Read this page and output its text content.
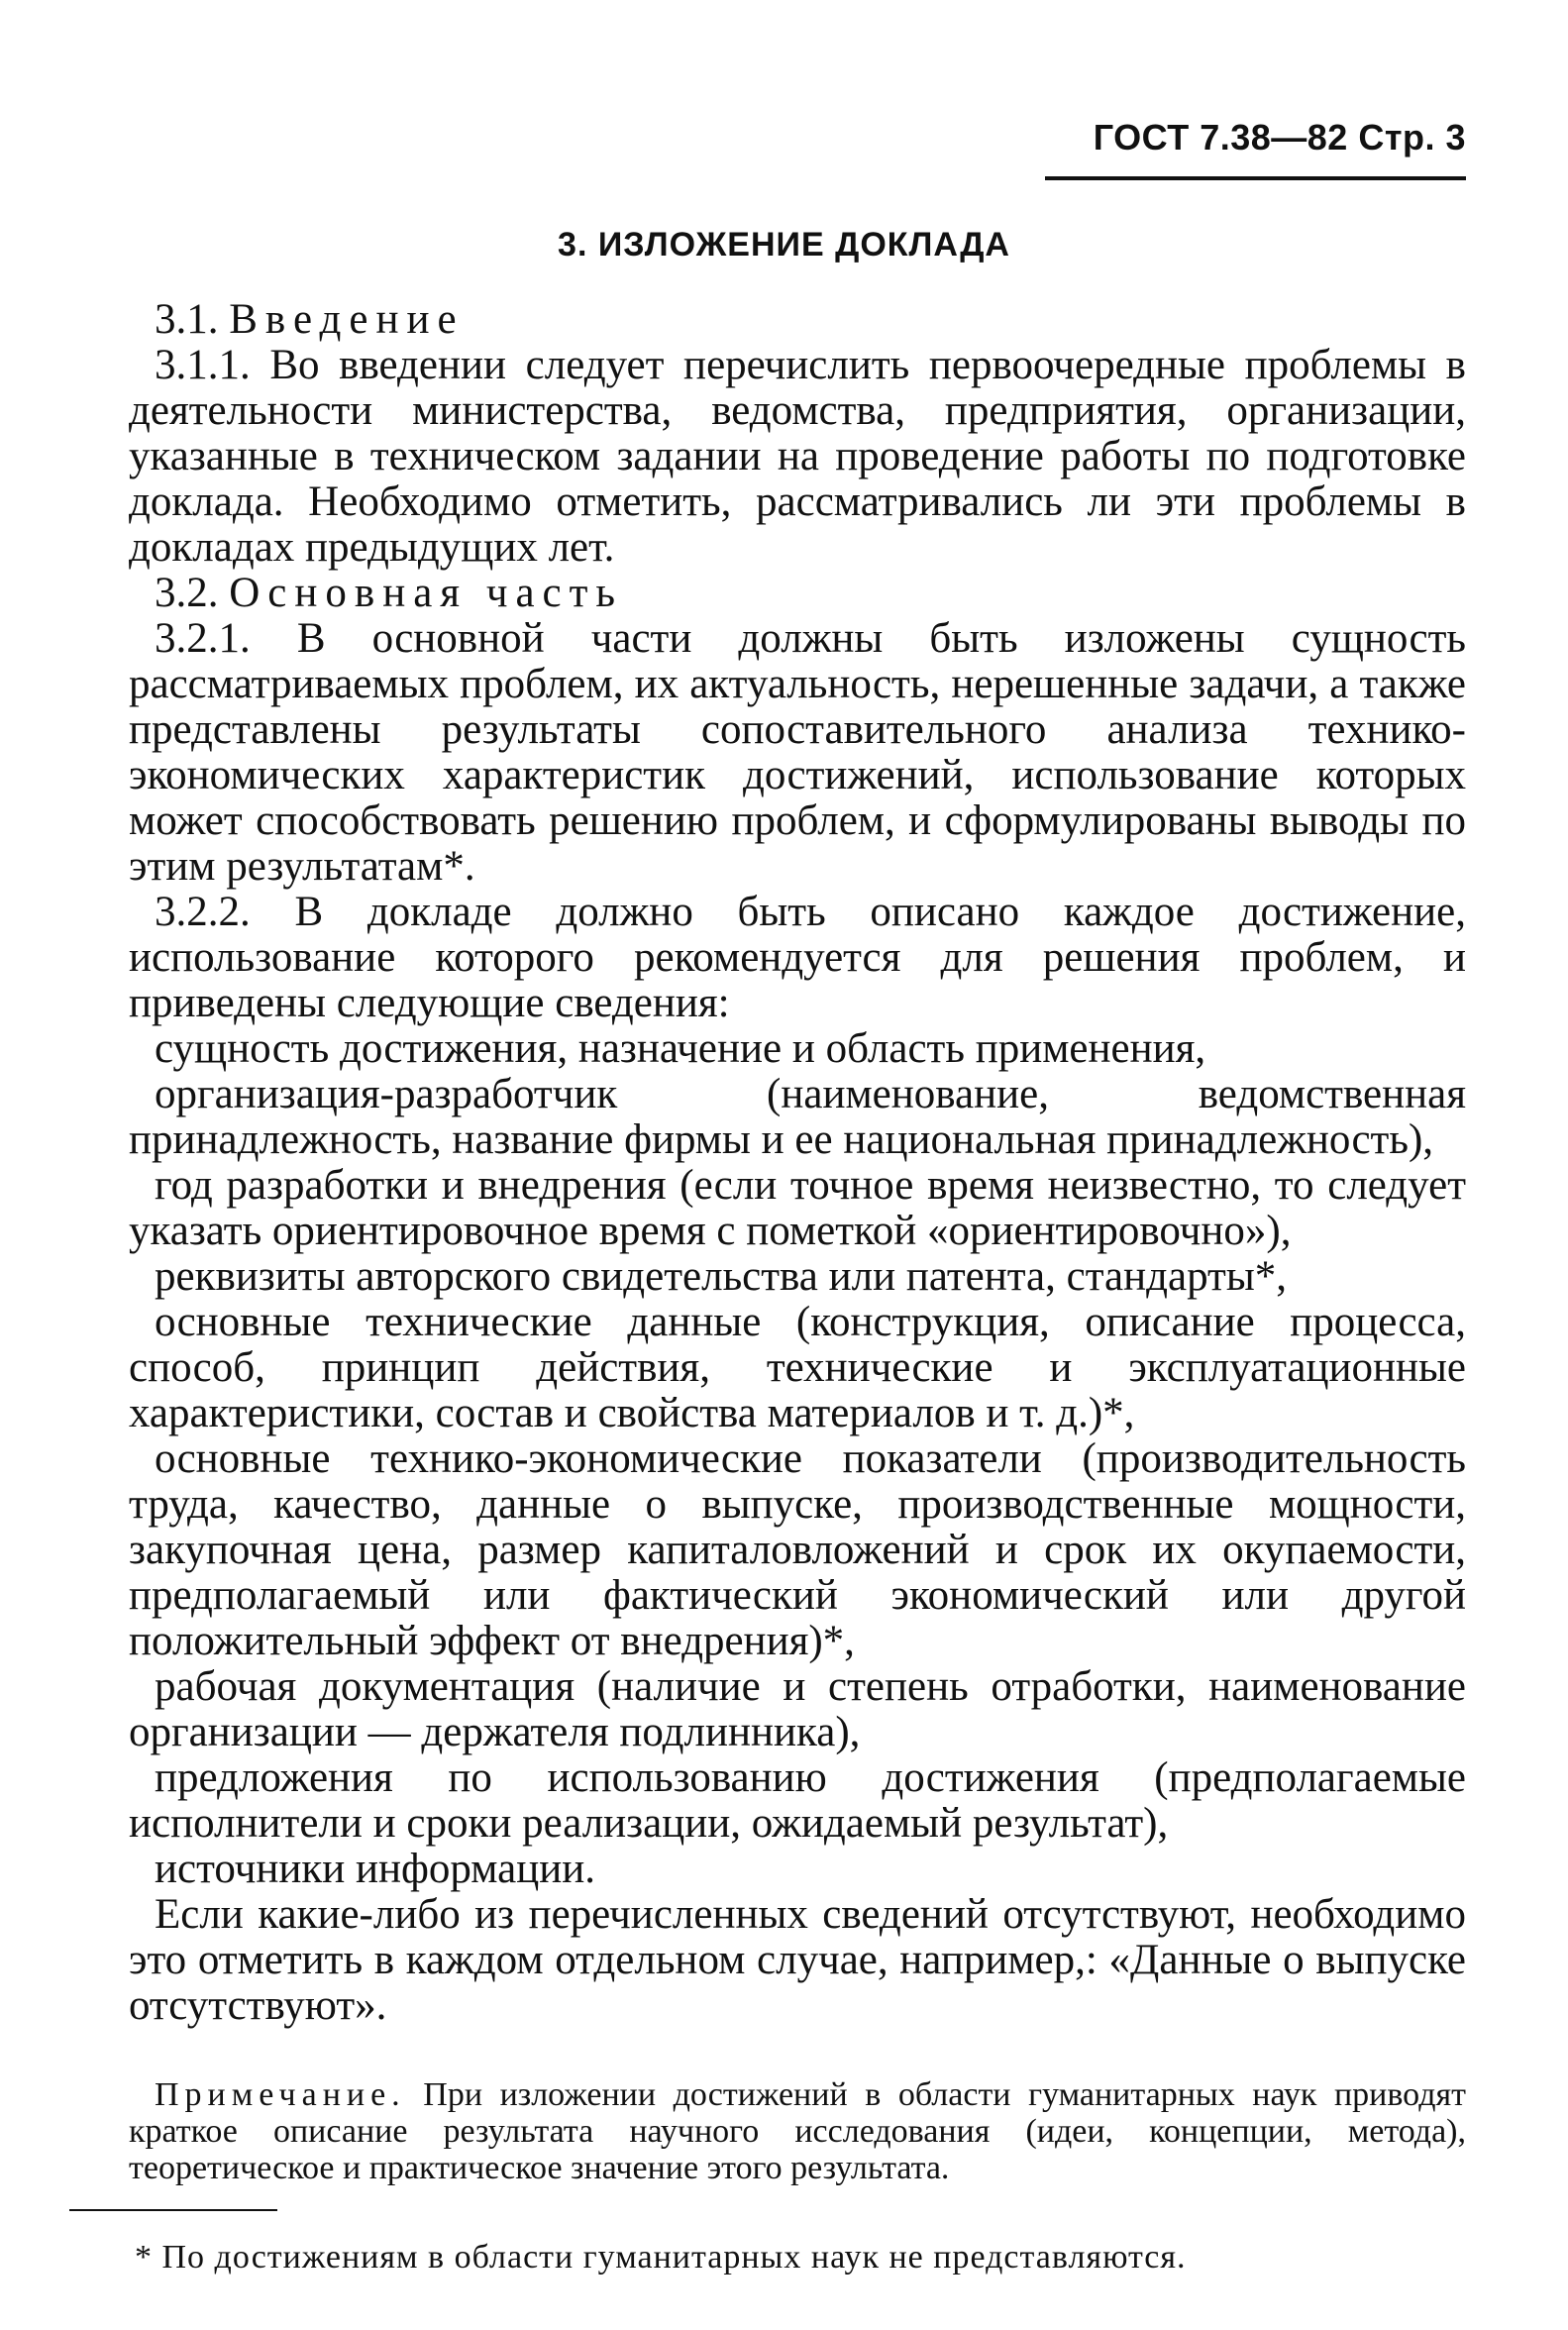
ГОСТ 7.38—82 Стр. 3
3. ИЗЛОЖЕНИЕ ДОКЛАДА

3.1. Введение

3.1.1. Во введении следует перечислить первоочередные проблемы в деятельности министерства, ведомства, предприятия, организации, указанные в техническом задании на проведение работы по подготовке доклада. Необходимо отметить, рассматривались ли эти проблемы в докладах предыдущих лет.

3.2. Основная часть

3.2.1. В основной части должны быть изложены сущность рассматриваемых проблем, их актуальность, нерешенные задачи, а также представлены результаты сопоставительного анализа технико-экономических характеристик достижений, использование которых может способствовать решению проблем, и сформулированы выводы по этим результатам*.

3.2.2. В докладе должно быть описано каждое достижение, использование которого рекомендуется для решения проблем, и приведены следующие сведения:

сущность достижения, назначение и область применения,

организация-разработчик (наименование, ведомственная принадлежность, название фирмы и ее национальная принадлежность),

год разработки и внедрения (если точное время неизвестно, то следует указать ориентировочное время с пометкой «ориентировочно»),

реквизиты авторского свидетельства или патента, стандарты*,

основные технические данные (конструкция, описание процесса, способ, принцип действия, технические и эксплуатационные характеристики, состав и свойства материалов и т. д.)*,

основные технико-экономические показатели (производительность труда, качество, данные о выпуске, производственные мощности, закупочная цена, размер капиталовложений и срок их окупаемости, предполагаемый или фактический экономический или другой положительный эффект от внедрения)*,

рабочая документация (наличие и степень отработки, наименование организации — держателя подлинника),

предложения по использованию достижения (предполагаемые исполнители и сроки реализации, ожидаемый результат),

источники информации.

Если какие-либо из перечисленных сведений отсутствуют, необходимо это отметить в каждом отдельном случае, например,: «Данные о выпуске отсутствуют».

Примечание. При изложении достижений в области гуманитарных наук приводят краткое описание результата научного исследования (идеи, концепции, метода), теоретическое и практическое значение этого результата.

* По достижениям в области гуманитарных наук не представляются.
